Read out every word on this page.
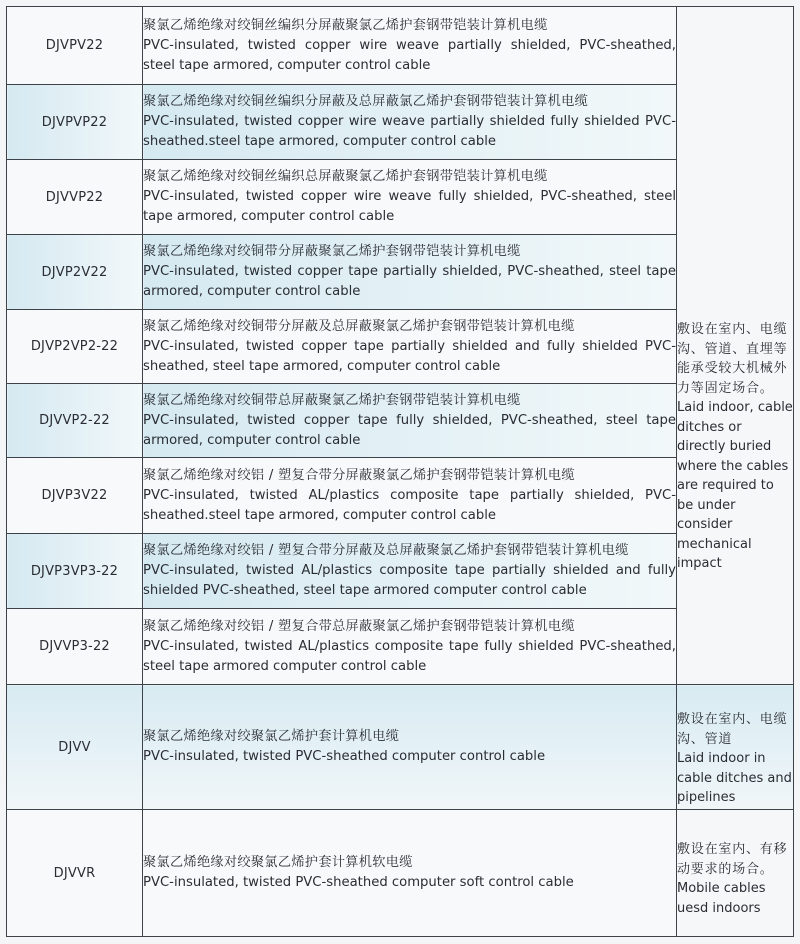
DJVPV22	聚氯乙烯绝缘对绞铜丝编织分屏蔽聚氯乙烯护套钢带铠装计算机电缆
PVC-insulated, twisted copper wire weave partially shielded, PVC-sheathed, steel tape armored, computer control cable	敷设在室内、电缆沟、管道、直埋等能承受较大机械外力等固定场合。
Laid indoor, cable ditches or directly buried where the cables are required to be under consider mechanical impact

DJVPVP22	聚氯乙烯绝缘对绞铜丝编织分屏蔽及总屏蔽氯乙烯护套钢带铠装计算机电缆
PVC-insulated, twisted copper wire weave partially shielded fully shielded PVC-sheathed.steel tape armored, computer control cable	

DJVVP22	聚氯乙烯绝缘对绞铜丝编织总屏蔽聚氯乙烯护套钢带铠装计算机电缆
PVC-insulated, twisted copper wire weave fully shielded, PVC-sheathed, steel tape armored, computer control cable	

DJVP2V22	聚氯乙烯绝缘对绞铜带分屏蔽聚氯乙烯护套钢带铠装计算机电缆
PVC-insulated, twisted copper tape partially shielded, PVC-sheathed, steel tape armored, computer control cable	

DJVP2VP2-22	聚氯乙烯绝缘对绞铜带分屏蔽及总屏蔽聚氯乙烯护套钢带铠装计算机电缆
PVC-insulated, twisted copper tape partially shielded and fully shielded PVC-sheathed, steel tape armored, computer control cable	

DJVVP2-22	聚氯乙烯绝缘对绞铜带总屏蔽聚氯乙烯护套钢带铠装计算机电缆
PVC-insulated, twisted copper tape fully shielded, PVC-sheathed, steel tape armored, computer control cable	

DJVP3V22	聚氯乙烯绝缘对绞铝 / 塑复合带分屏蔽聚氯乙烯护套钢带铠装计算机电缆
PVC-insulated, twisted AL/plastics composite tape partially shielded, PVC-sheathed.steel tape armored, computer control cable	

DJVP3VP3-22	聚氯乙烯绝缘对绞铝 / 塑复合带分屏蔽及总屏蔽聚氯乙烯护套钢带铠装计算机电缆
PVC-insulated, twisted AL/plastics composite tape partially shielded and fully shielded PVC-sheathed, steel tape armored computer control cable	

DJVVP3-22	聚氯乙烯绝缘对绞铝 / 塑复合带总屏蔽聚氯乙烯护套钢带铠装计算机电缆
PVC-insulated, twisted AL/plastics composite tape fully shielded PVC-sheathed, steel tape armored computer control cable	

DJVV	聚氯乙烯绝缘对绞聚氯乙烯护套计算机电缆
PVC-insulated, twisted PVC-sheathed computer control cable	敷设在室内、电缆沟、管道
Laid indoor in cable ditches and pipelines

DJVVR	聚氯乙烯绝缘对绞聚氯乙烯护套计算机软电缆
PVC-insulated, twisted PVC-sheathed computer soft control cable	敷设在室内、有移动要求的场合。
Mobile cables uesd indoors
